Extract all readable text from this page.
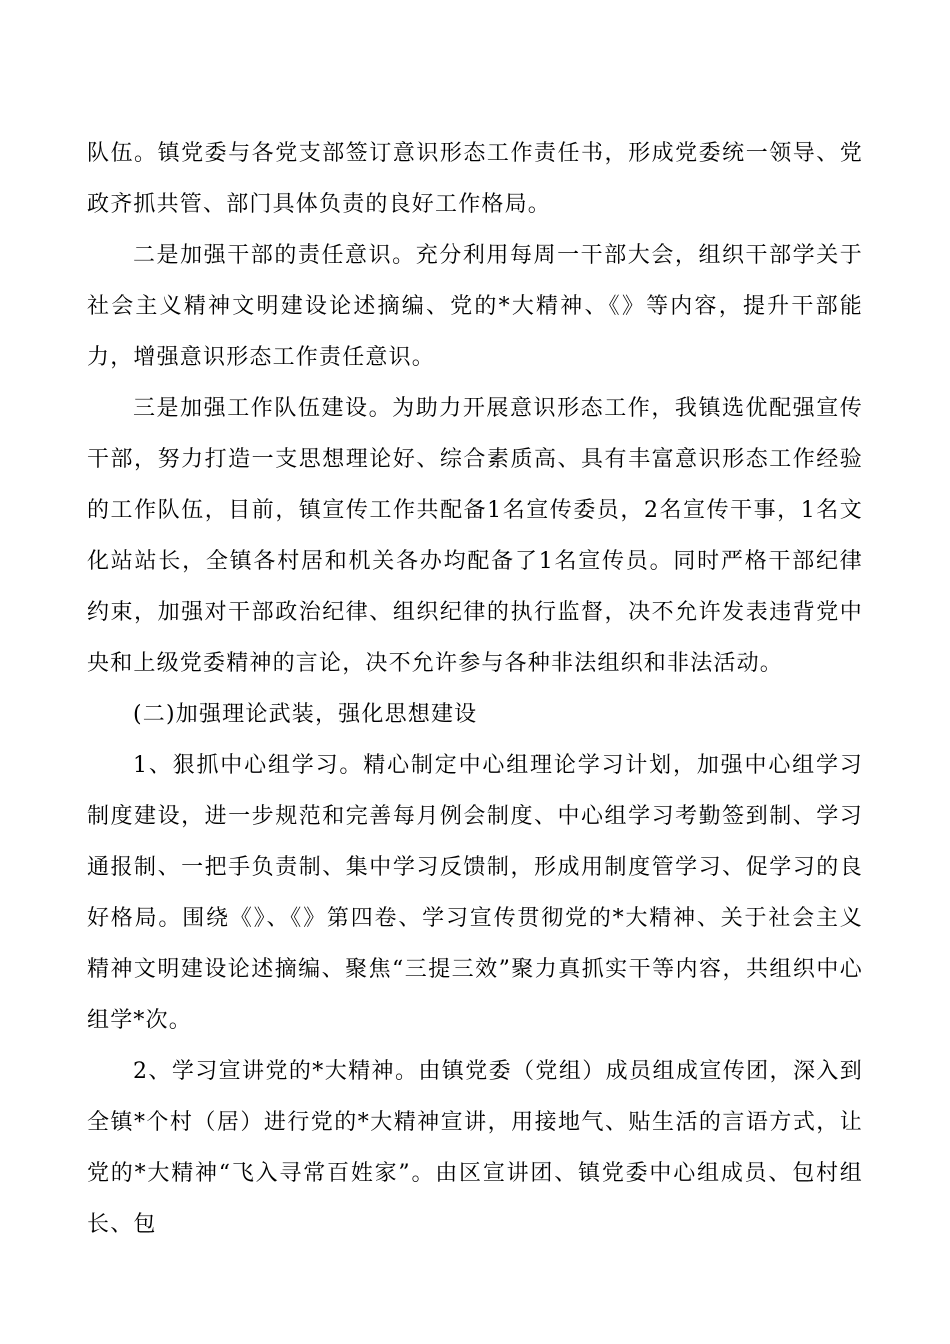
队伍。镇党委与各党支部签订意识形态工作责任书，形成党委统一领导、党政齐抓共管、部门具体负责的良好工作格局。

二是加强干部的责任意识。充分利用每周一干部大会，组织干部学关于社会主义精神文明建设论述摘编、党的*大精神、《》等内容，提升干部能力，增强意识形态工作责任意识。

三是加强工作队伍建设。为助力开展意识形态工作，我镇选优配强宣传干部，努力打造一支思想理论好、综合素质高、具有丰富意识形态工作经验的工作队伍，目前，镇宣传工作共配备1名宣传委员，2名宣传干事，1名文化站站长，全镇各村居和机关各办均配备了1名宣传员。同时严格干部纪律约束，加强对干部政治纪律、组织纪律的执行监督，决不允许发表违背党中央和上级党委精神的言论，决不允许参与各种非法组织和非法活动。

(二)加强理论武装，强化思想建设

1、狠抓中心组学习。精心制定中心组理论学习计划，加强中心组学习制度建设，进一步规范和完善每月例会制度、中心组学习考勤签到制、学习通报制、一把手负责制、集中学习反馈制，形成用制度管学习、促学习的良好格局。围绕《》、《》第四卷、学习宣传贯彻党的*大精神、关于社会主义精神文明建设论述摘编、聚焦“三提三效”聚力真抓实干等内容，共组织中心组学*次。

2、学习宣讲党的*大精神。由镇党委（党组）成员组成宣传团，深入到全镇*个村（居）进行党的*大精神宣讲，用接地气、贴生活的言语方式，让党的*大精神“飞入寻常百姓家”。由区宣讲团、镇党委中心组成员、包村组长、包
